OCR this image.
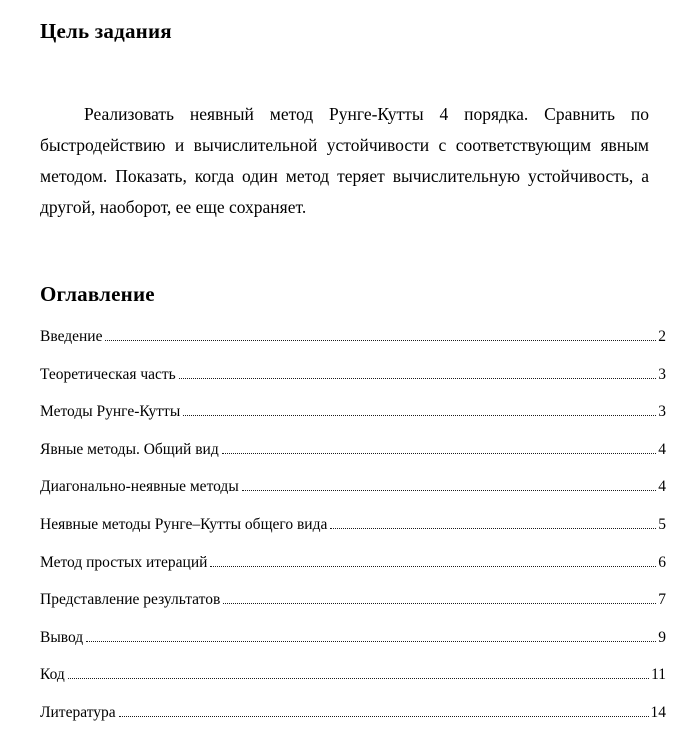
Цель задания
Реализовать неявный метод Рунге-Кутты 4 порядка. Сравнить по
быстродействию и вычислительной устойчивости с соответствующим явным
методом. Показать, когда один метод теряет вычислительную устойчивость, а
другой, наоборот, ее еще сохраняет.
Оглавление
Введение	2
Теоретическая часть	3
Методы Рунге-Кутты	3
Явные методы. Общий вид	4
Диагонально-неявные методы	4
Неявные методы Рунге–Кутты общего вида	5
Метод простых итераций	6
Представление результатов	7
Вывод	9
Код	11
Литература	14
